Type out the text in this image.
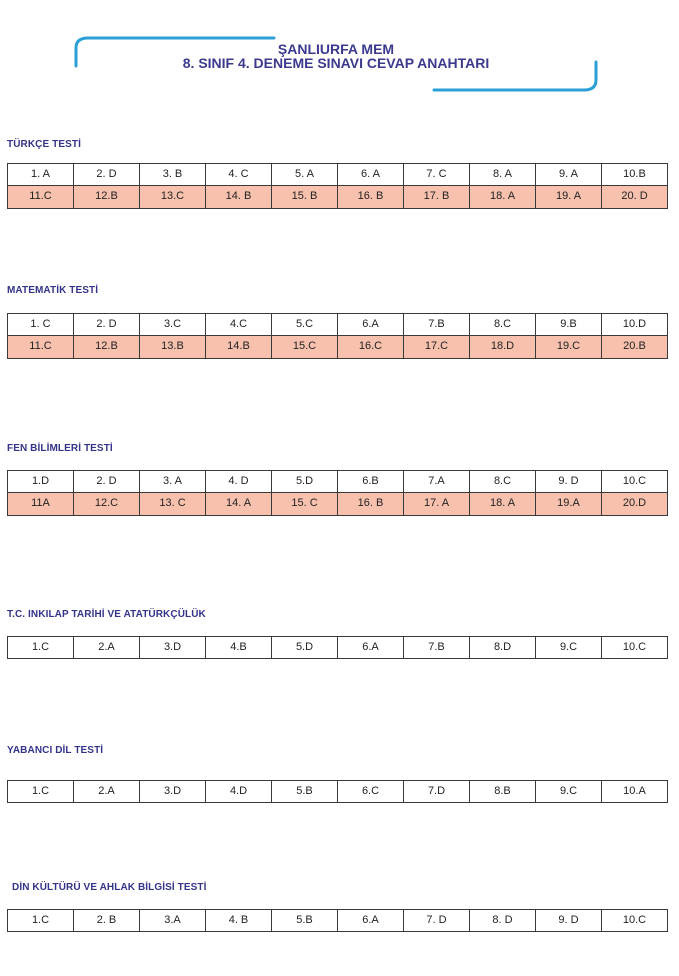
ŞANLIURFA MEM
8. SINIF 4. DENEME SINAVI CEVAP ANAHTARI
TÜRKÇE TESTİ
1. A	2. D	3. B	4. C	5. A	6. A	7. C	8. A	9. A	10.B
11.C	12.B	13.C	14. B	15. B	16. B	17. B	18. A	19. A	20. D
MATEMATİK TESTİ
1. C	2. D	3.C	4.C	5.C	6.A	7.B	8.C	9.B	10.D
11.C	12.B	13.B	14.B	15.C	16.C	17.C	18.D	19.C	20.B
FEN BİLİMLERİ TESTİ
1.D	2. D	3. A	4. D	5.D	6.B	7.A	8.C	9. D	10.C
11A	12.C	13. C	14. A	15. C	16. B	17. A	18. A	19.A	20.D
T.C. INKILAP TARİHİ VE ATATÜRKÇÜLÜK
1.C	2.A	3.D	4.B	5.D	6.A	7.B	8.D	9.C	10.C
YABANCI DİL TESTİ
1.C	2.A	3.D	4.D	5.B	6.C	7.D	8.B	9.C	10.A
DİN KÜLTÜRÜ VE AHLAK BİLGİSİ TESTİ
1.C	2. B	3.A	4. B	5.B	6.A	7. D	8. D	9. D	10.C
